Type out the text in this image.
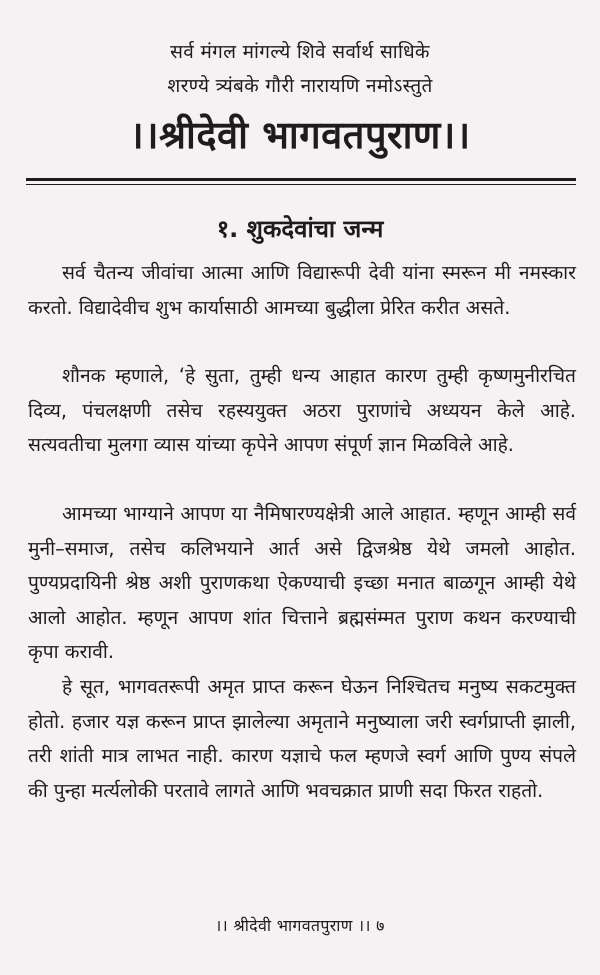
सर्व मंगल मांगल्ये शिवे सर्वार्थ साधिके
शरण्ये त्र्यंबके गौरी नारायणि नमोऽस्तुते
।।श्रीदेवी भागवतपुराण।।
१. शुकदेवांचा जन्म

सर्व चैतन्य जीवांचा आत्मा आणि विद्यारूपी देवी यांना स्मरून मी नमस्कार करतो. विद्यादेवीच शुभ कार्यासाठी आमच्या बुद्धीला प्रेरित करीत असते.

शौनक म्हणाले, ‘हे सुता, तुम्ही धन्य आहात कारण तुम्ही कृष्णमुनीरचित दिव्य, पंचलक्षणी तसेच रहस्ययुक्त अठरा पुराणांचे अध्ययन केले आहे. सत्यवतीचा मुलगा व्यास यांच्या कृपेने आपण संपूर्ण ज्ञान मिळविले आहे.

आमच्या भाग्याने आपण या नैमिषारण्यक्षेत्री आले आहात. म्हणून आम्ही सर्व मुनी–समाज, तसेच कलिभयाने आर्त असे द्विजश्रेष्ठ येथे जमलो आहोत. पुण्यप्रदायिनी श्रेष्ठ अशी पुराणकथा ऐकण्याची इच्छा मनात बाळगून आम्ही येथे आलो आहोत. म्हणून आपण शांत चित्ताने ब्रह्मसंम्मत पुराण कथन करण्याची कृपा करावी.

हे सूत, भागवतरूपी अमृत प्राप्त करून घेऊन निश्चितच मनुष्य सकटमुक्त होतो. हजार यज्ञ करून प्राप्त झालेल्या अमृताने मनुष्याला जरी स्वर्गप्राप्ती झाली, तरी शांती मात्र लाभत नाही. कारण यज्ञाचे फल म्हणजे स्वर्ग आणि पुण्य संपले की पुन्हा मर्त्यलोकी परतावे लागते आणि भवचक्रात प्राणी सदा फिरत राहतो.

।। श्रीदेवी भागवतपुराण ।। ७
